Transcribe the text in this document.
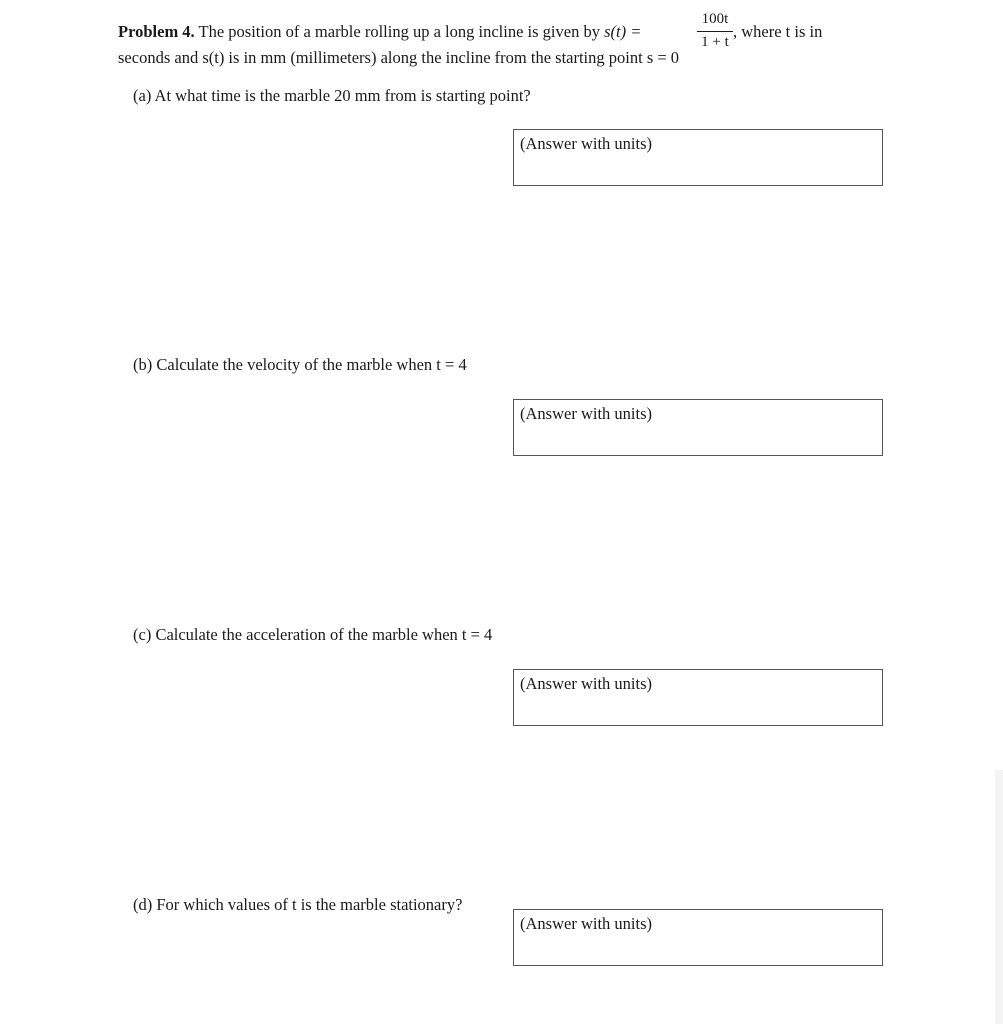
Problem 4. The position of a marble rolling up a long incline is given by s(t) =
100t
1 + t
, where t is in
seconds and s(t) is in mm (millimeters) along the incline from the starting point s = 0
(a) At what time is the marble 20 mm from is starting point?
(Answer with units)
(b) Calculate the velocity of the marble when t = 4
(Answer with units)
(c) Calculate the acceleration of the marble when t = 4
(Answer with units)
(d) For which values of t is the marble stationary?
(Answer with units)
